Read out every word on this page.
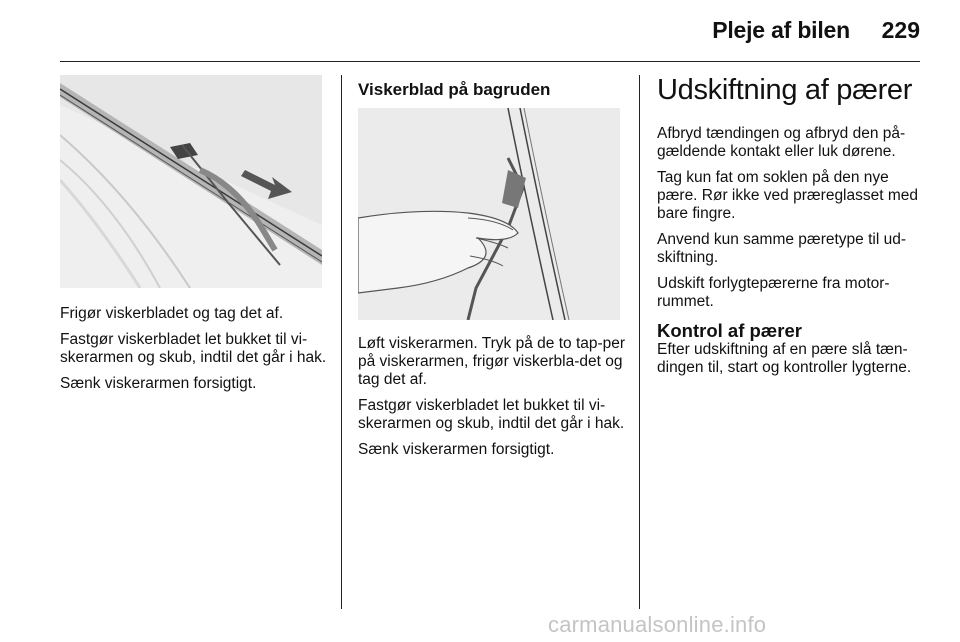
Pleje af bilen 229

Frigør viskerbladet og tag det af.

Fastgør viskerbladet let bukket til vi-skerarmen og skub, indtil det går i hak.

Sænk viskerarmen forsigtigt.

Viskerblad på bagruden

Løft viskerarmen. Tryk på de to tap-per på viskerarmen, frigør viskerbla-det og tag det af.

Fastgør viskerbladet let bukket til vi-skerarmen og skub, indtil det går i hak.

Sænk viskerarmen forsigtigt.

Udskiftning af pærer

Afbryd tændingen og afbryd den på-gældende kontakt eller luk dørene.

Tag kun fat om soklen på den nye pære. Rør ikke ved præreglasset med bare fingre.

Anvend kun samme pæretype til ud-skiftning.

Udskift forlygtepærerne fra motor-rummet.

Kontrol af pærer

Efter udskiftning af en pære slå tæn-dingen til, start og kontroller lygterne.

carmanualsonline.info
